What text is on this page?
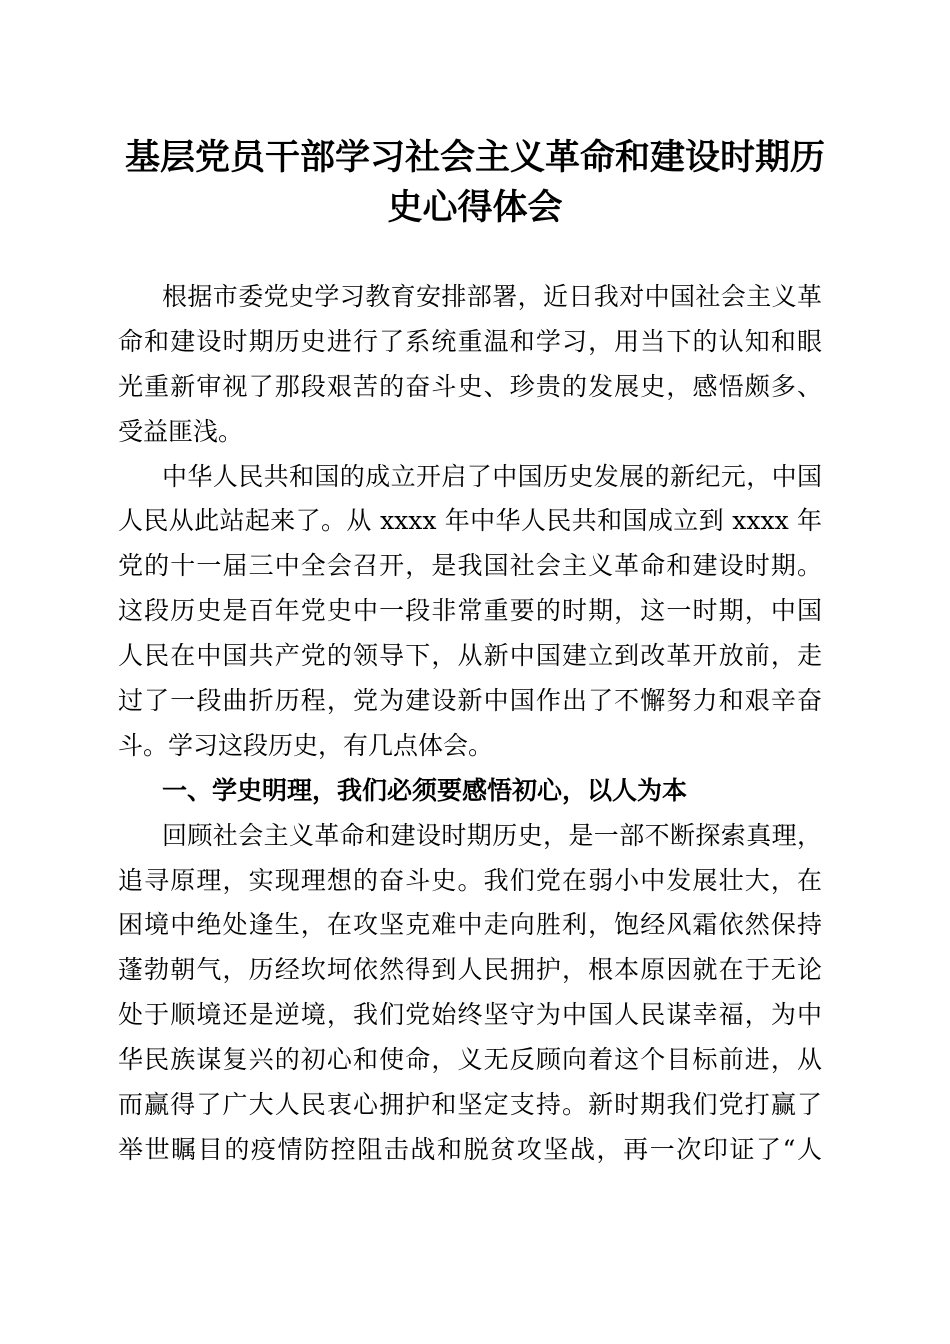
基层党员干部学习社会主义革命和建设时期历
史心得体会
根据市委党史学习教育安排部署，近日我对中国社会主义革
命和建设时期历史进行了系统重温和学习，用当下的认知和眼
光重新审视了那段艰苦的奋斗史、珍贵的发展史，感悟颇多、
受益匪浅。
中华人民共和国的成立开启了中国历史发展的新纪元，中国
人民从此站起来了。从 xxxx 年中华人民共和国成立到 xxxx 年
党的十一届三中全会召开，是我国社会主义革命和建设时期。
这段历史是百年党史中一段非常重要的时期，这一时期，中国
人民在中国共产党的领导下，从新中国建立到改革开放前，走
过了一段曲折历程，党为建设新中国作出了不懈努力和艰辛奋
斗。学习这段历史，有几点体会。
一、学史明理，我们必须要感悟初心，以人为本
回顾社会主义革命和建设时期历史，是一部不断探索真理，
追寻原理，实现理想的奋斗史。我们党在弱小中发展壮大，在
困境中绝处逢生，在攻坚克难中走向胜利，饱经风霜依然保持
蓬勃朝气，历经坎坷依然得到人民拥护，根本原因就在于无论
处于顺境还是逆境，我们党始终坚守为中国人民谋幸福，为中
华民族谋复兴的初心和使命，义无反顾向着这个目标前进，从
而赢得了广大人民衷心拥护和坚定支持。新时期我们党打赢了
举世瞩目的疫情防控阻击战和脱贫攻坚战，再一次印证了“人
